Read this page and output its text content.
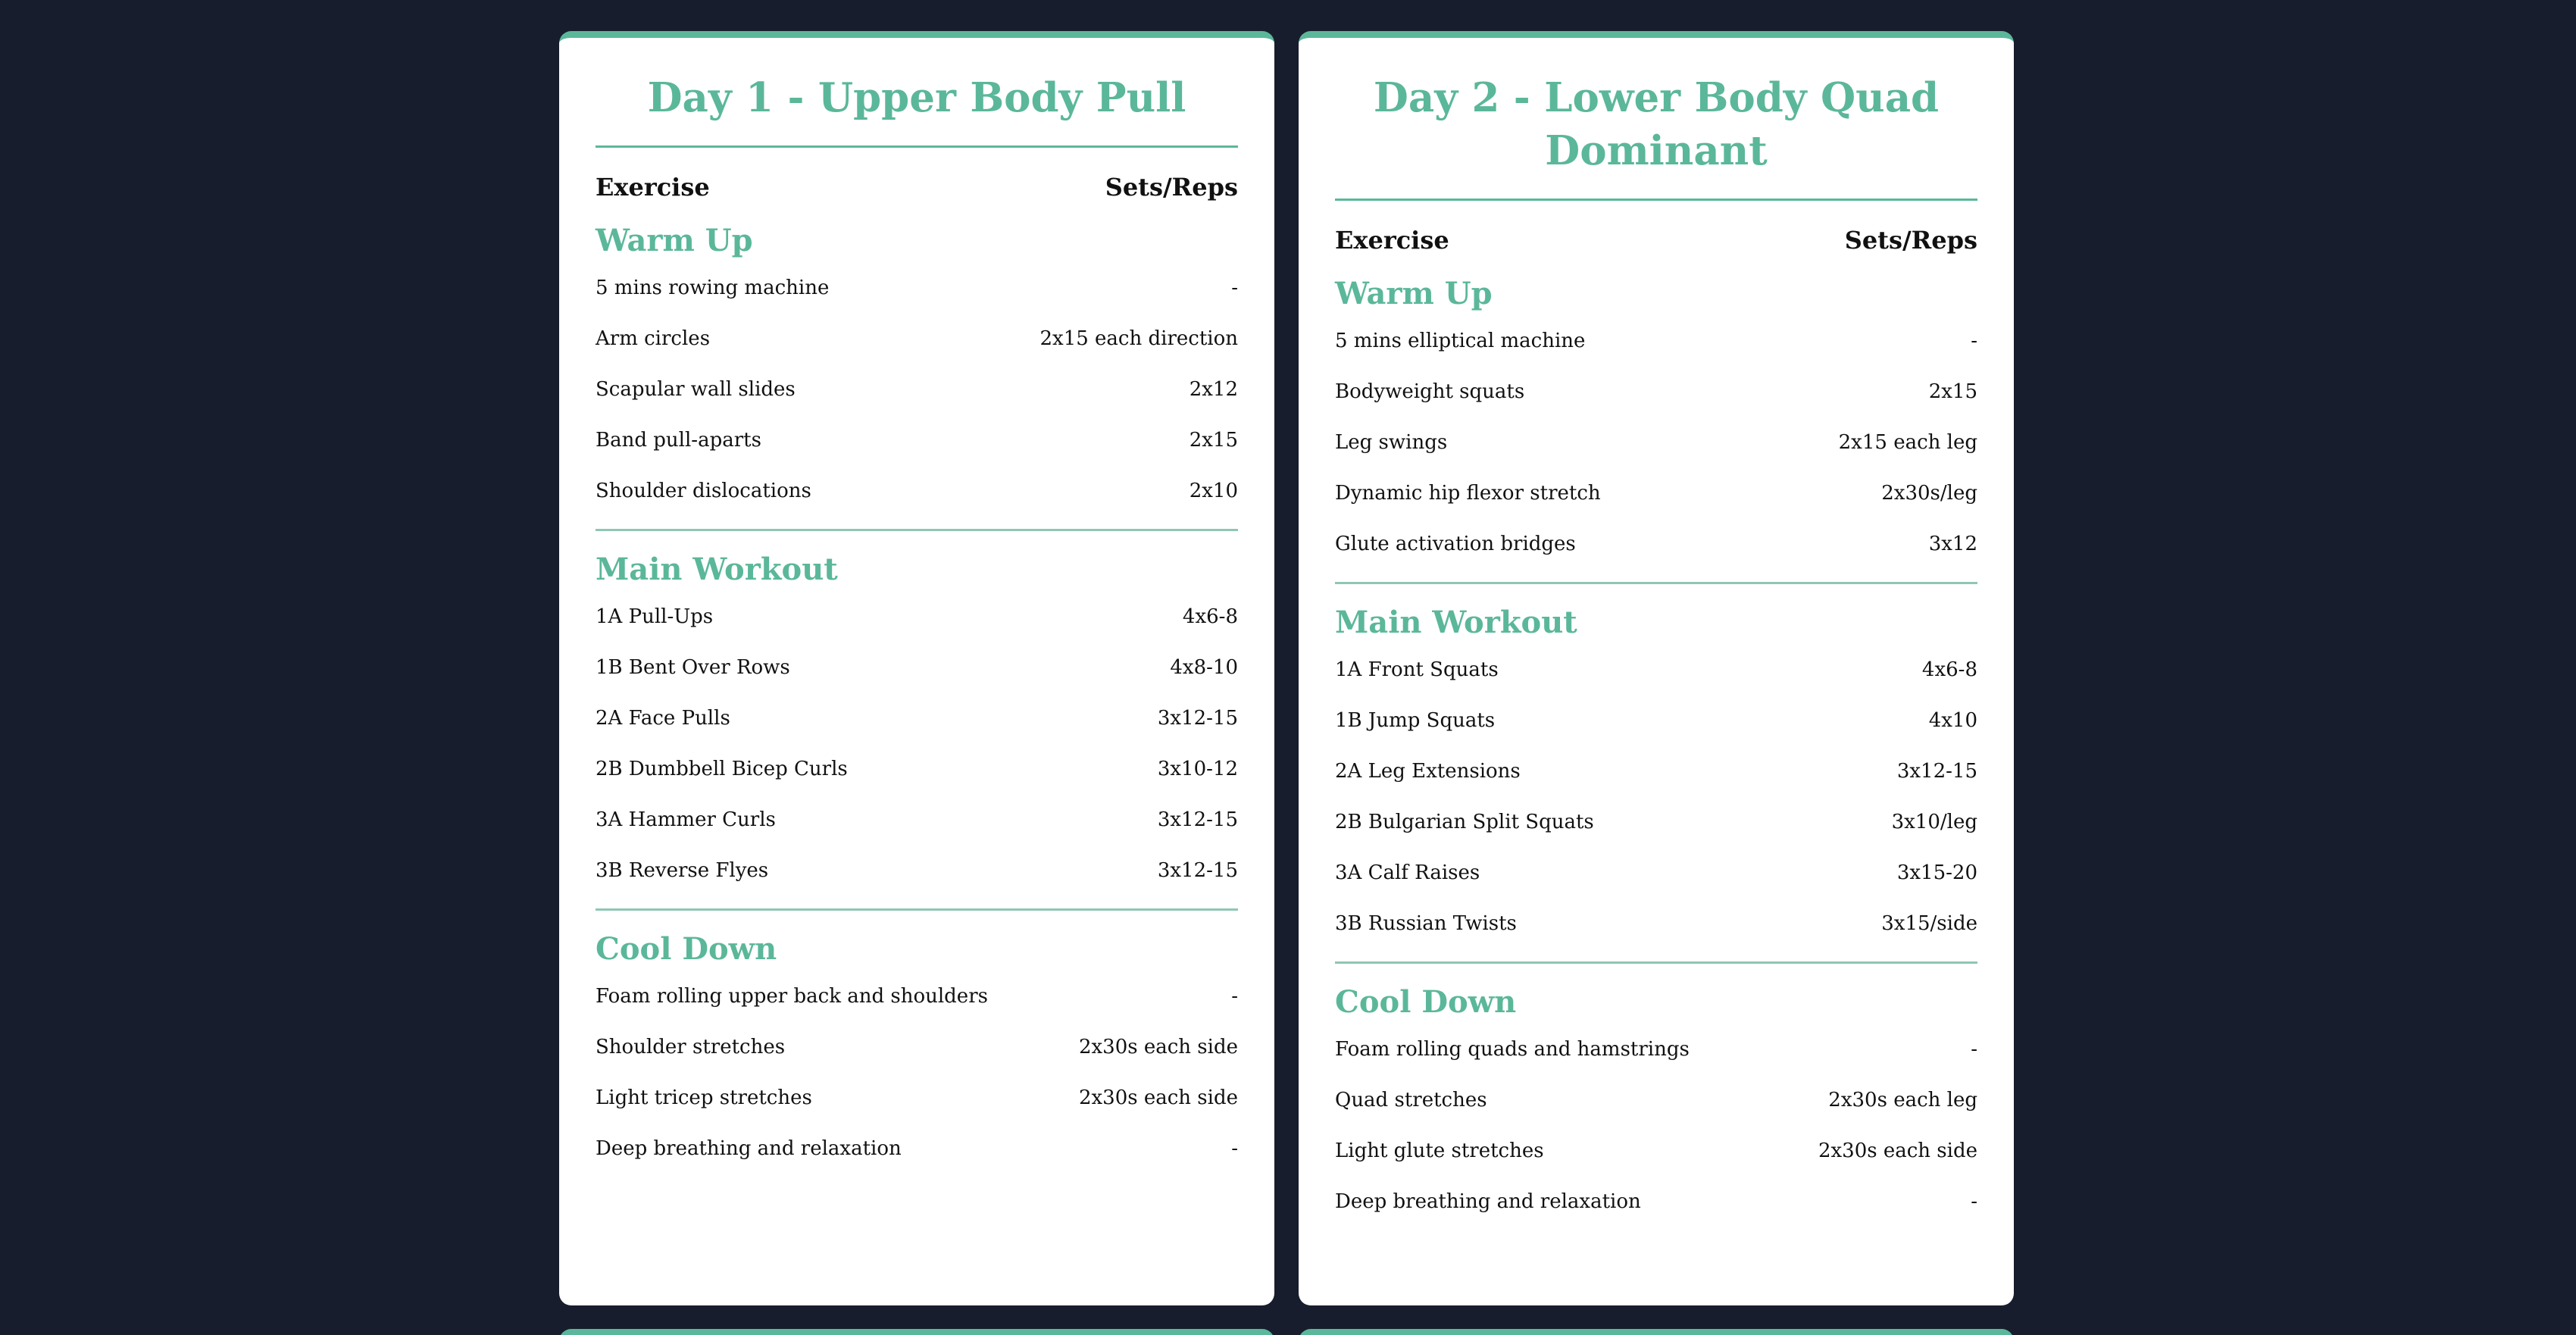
Day 1 - Upper Body Pull
Exercise	Sets/Reps
Warm Up
5 mins rowing machine	-
Arm circles	2x15 each direction
Scapular wall slides	2x12
Band pull-aparts	2x15
Shoulder dislocations	2x10
Main Workout
1A Pull-Ups	4x6-8
1B Bent Over Rows	4x8-10
2A Face Pulls	3x12-15
2B Dumbbell Bicep Curls	3x10-12
3A Hammer Curls	3x12-15
3B Reverse Flyes	3x12-15
Cool Down
Foam rolling upper back and shoulders	-
Shoulder stretches	2x30s each side
Light tricep stretches	2x30s each side
Deep breathing and relaxation	-
Day 2 - Lower Body Quad Dominant
Exercise	Sets/Reps
Warm Up
5 mins elliptical machine	-
Bodyweight squats	2x15
Leg swings	2x15 each leg
Dynamic hip flexor stretch	2x30s/leg
Glute activation bridges	3x12
Main Workout
1A Front Squats	4x6-8
1B Jump Squats	4x10
2A Leg Extensions	3x12-15
2B Bulgarian Split Squats	3x10/leg
3A Calf Raises	3x15-20
3B Russian Twists	3x15/side
Cool Down
Foam rolling quads and hamstrings	-
Quad stretches	2x30s each leg
Light glute stretches	2x30s each side
Deep breathing and relaxation	-
